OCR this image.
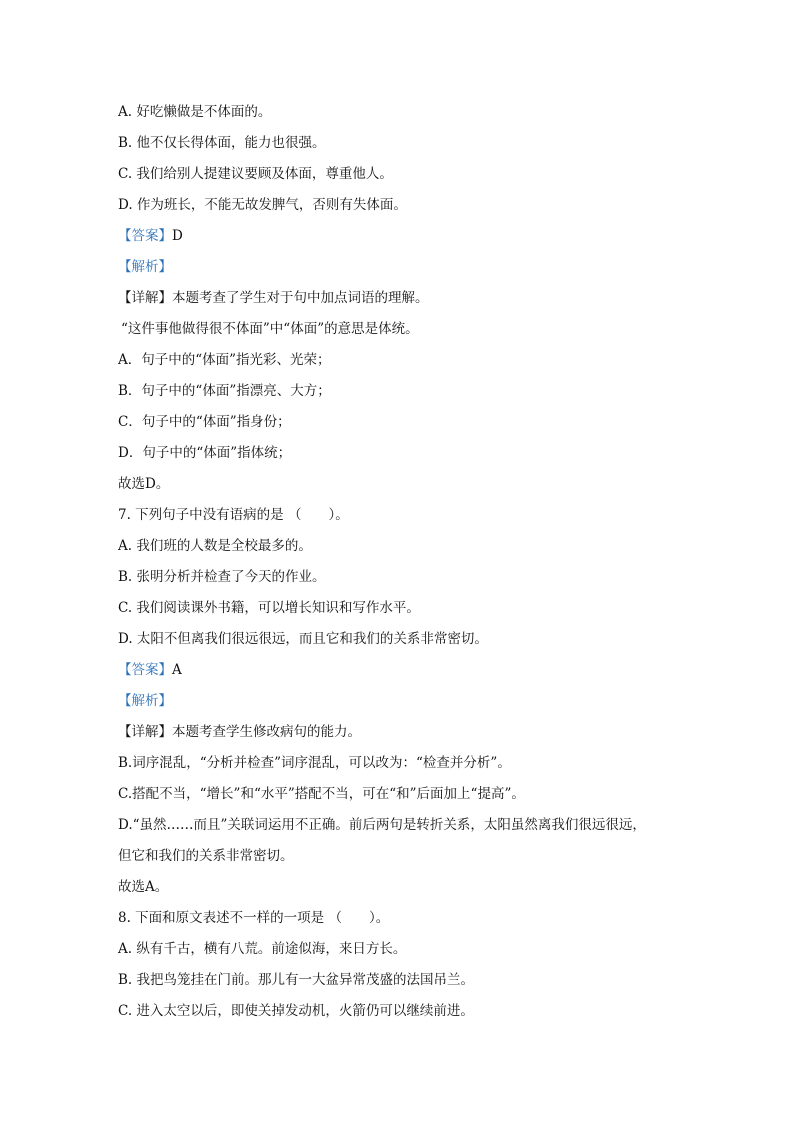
A. 好吃懒做是不体面的。
B. 他不仅长得体面，能力也很强。
C. 我们给别人提建议要顾及体面，尊重他人。
D. 作为班长，不能无故发脾气，否则有失体面。
【答案】D
【解析】
【详解】本题考查了学生对于句中加点词语的理解。
“这件事他做得很不体面”中“体面”的意思是体统。
A．句子中的“体面”指光彩、光荣；
B．句子中的“体面”指漂亮、大方；
C．句子中的“体面”指身份；
D．句子中的“体面”指体统；
故选D。
7. 下列句子中没有语病的是 （　　）。
A. 我们班的人数是全校最多的。
B. 张明分析并检查了今天的作业。
C. 我们阅读课外书籍，可以增长知识和写作水平。
D. 太阳不但离我们很远很远，而且它和我们的关系非常密切。
【答案】A
【解析】
【详解】本题考查学生修改病句的能力。
B.词序混乱，“分析并检查”词序混乱，可以改为：“检查并分析”。
C.搭配不当，“增长”和“水平”搭配不当，可在“和”后面加上“提高”。
D.“虽然……而且”关联词运用不正确。前后两句是转折关系，太阳虽然离我们很远很远，
但它和我们的关系非常密切。
故选A。
8. 下面和原文表述不一样的一项是 （　　）。
A. 纵有千古，横有八荒。前途似海，来日方长。
B. 我把鸟笼挂在门前。那儿有一大盆异常茂盛的法国吊兰。
C. 进入太空以后，即使关掉发动机，火箭仍可以继续前进。
